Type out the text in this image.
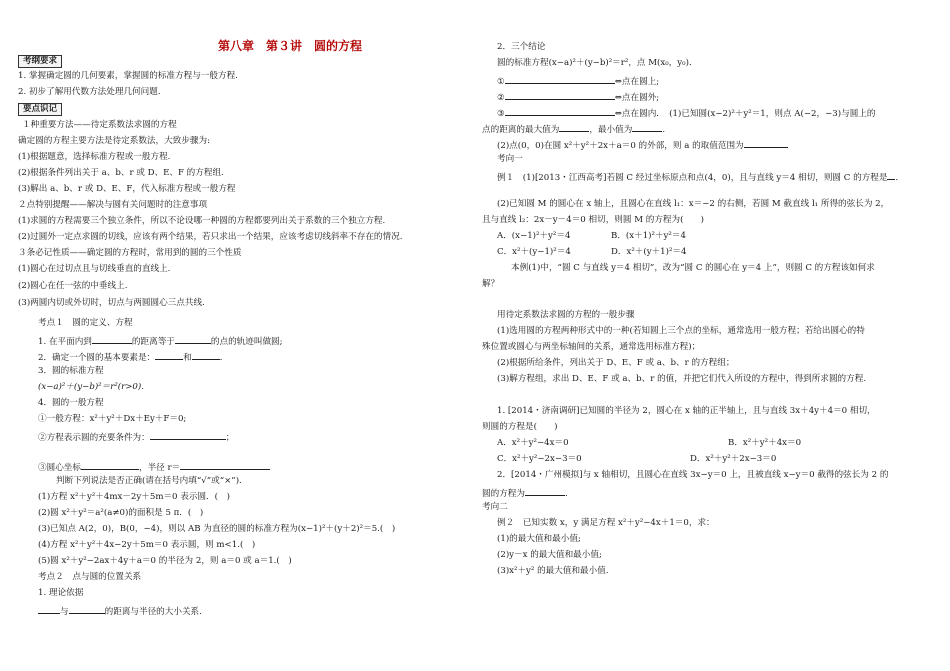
第八章　第３讲　圆的方程
考纲要求
1. 掌握确定圆的几何要素，掌握圆的标准方程与一般方程.
2. 初步了解用代数方法处理几何问题.
要点识记
１种重要方法——待定系数法求圆的方程
确定圆的方程主要方法是待定系数法，大致步骤为:
(1)根据题意，选择标准方程或一般方程.
(2)根据条件列出关于 a、b、r 或 D、E、F 的方程组.
(3)解出 a、b、r 或 D、E、F，代入标准方程或一般方程
２点特别提醒——解决与圆有关问题时的注意事项
(1)求圆的方程需要三个独立条件，所以不论设哪一种圆的方程都要列出关于系数的三个独立方程.
(2)过圆外一定点求圆的切线，应该有两个结果，若只求出一个结果，应该考虑切线斜率不存在的情况.
３条必记性质——确定圆的方程时，常用到的圆的三个性质
(1)圆心在过切点且与切线垂直的直线上.
(2)圆心在任一弦的中垂线上.
(3)两圆内切或外切时，切点与两圆圆心三点共线.
考点１　圆的定义、方程
1. 在平面内到	的距离等于	的点的轨迹叫做圆;
2．确定一个圆的基本要素是：	和	.
3．圆的标准方程
(x−a)²＋(y−b)²＝r²(r>0).
4．圆的一般方程
①一般方程：x²＋y²＋Dx＋Ey＋F＝0;
②方程表示圆的充要条件为：	；
③圆心坐标	，半径 r＝
判断下列说法是否正确(请在括号内填“√”或“×”).
(1)方程 x²＋y²＋4mx－2y＋5m＝0 表示圆．(　)
(2)圆 x²＋y²＝a²(a≠0)的面积是 5 π．(　)
(3)已知点 A(2，0)，B(0，−4)，则以 AB 为直径的圆的标准方程为(x−1)²＋(y＋2)²＝5.(　)
(4)方程 x²＋y²＋4x−2y＋5m＝0 表示圆，则 m<1.(　)
(5)圆 x²＋y²−2ax＋4y＋a＝0 的半径为 2，则 a＝0 或 a＝1.(　)
考点２　点与圆的位置关系
1. 理论依据
与	的距离与半径的大小关系.
2．三个结论
圆的标准方程(x−a)²＋(y−b)²＝r²，点 M(x₀，y₀)．
①	⇔点在圆上;
②	⇔点在圆外;
③	⇔点在圆内．　(1)已知圆(x−2)²＋y²＝1，则点 A(−2，−3)与圆上的
点的距离的最大值为	，最小值为	.
(2)点(0，0)在圆 x²＋y²＋2x＋a＝0 的外部，则 a 的取值范围为
考向一
例１　(1)[2013・江西高考]若圆 C 经过坐标原点和点(4，0)，且与直线 y＝4 相切，则圆 C 的方程是 ．
(2)已知圆 M 的圆心在 x 轴上，且圆心在直线 l₁：x＝−2 的右侧，若圆 M 截直线 l₁ 所得的弦长为 2，
且与直线 l₂：2x－y－4＝0 相切，则圆 M 的方程为(　　)
A．(x−1)²＋y²＝4	B．(x＋1)²＋y²＝4
C．x²＋(y−1)²＝4	D．x²＋(y＋1)²＝4
本例(1)中，“圆 C 与直线 y＝4 相切”，改为“圆 C 的圆心在 y＝4 上”，则圆 C 的方程该如何求
解？
用待定系数法求圆的方程的一般步骤
(1)选用圆的方程两种形式中的一种(若知圆上三个点的坐标，通常选用一般方程；若给出圆心的特
殊位置或圆心与两坐标轴间的关系，通常选用标准方程)；
(2)根据所给条件，列出关于 D、E、F 或 a、b、r 的方程组；
(3)解方程组，求出 D、E、F 或 a、b、r 的值，并把它们代入所设的方程中，得到所求圆的方程.
1. [2014・济南调研]已知圆的半径为 2，圆心在 x 轴的正半轴上，且与直线 3x＋4y＋4＝0 相切，
则圆的方程是(　　)
A．x²＋y²−4x＝0	B．x²＋y²＋4x＝0
C．x²＋y²−2x−3＝0	D．x²＋y²＋2x−3＝0
2．[2014・广州模拟]与 x 轴相切，且圆心在直线 3x−y＝0 上，且被直线 x−y＝0 截得的弦长为 2 的
圆的方程为	.
考向二
例２　已知实数 x，y 满足方程 x²＋y²−4x＋1＝0，求：
(1)的最大值和最小值;
(2)y－x 的最大值和最小值;
(3)x²＋y² 的最大值和最小值.
